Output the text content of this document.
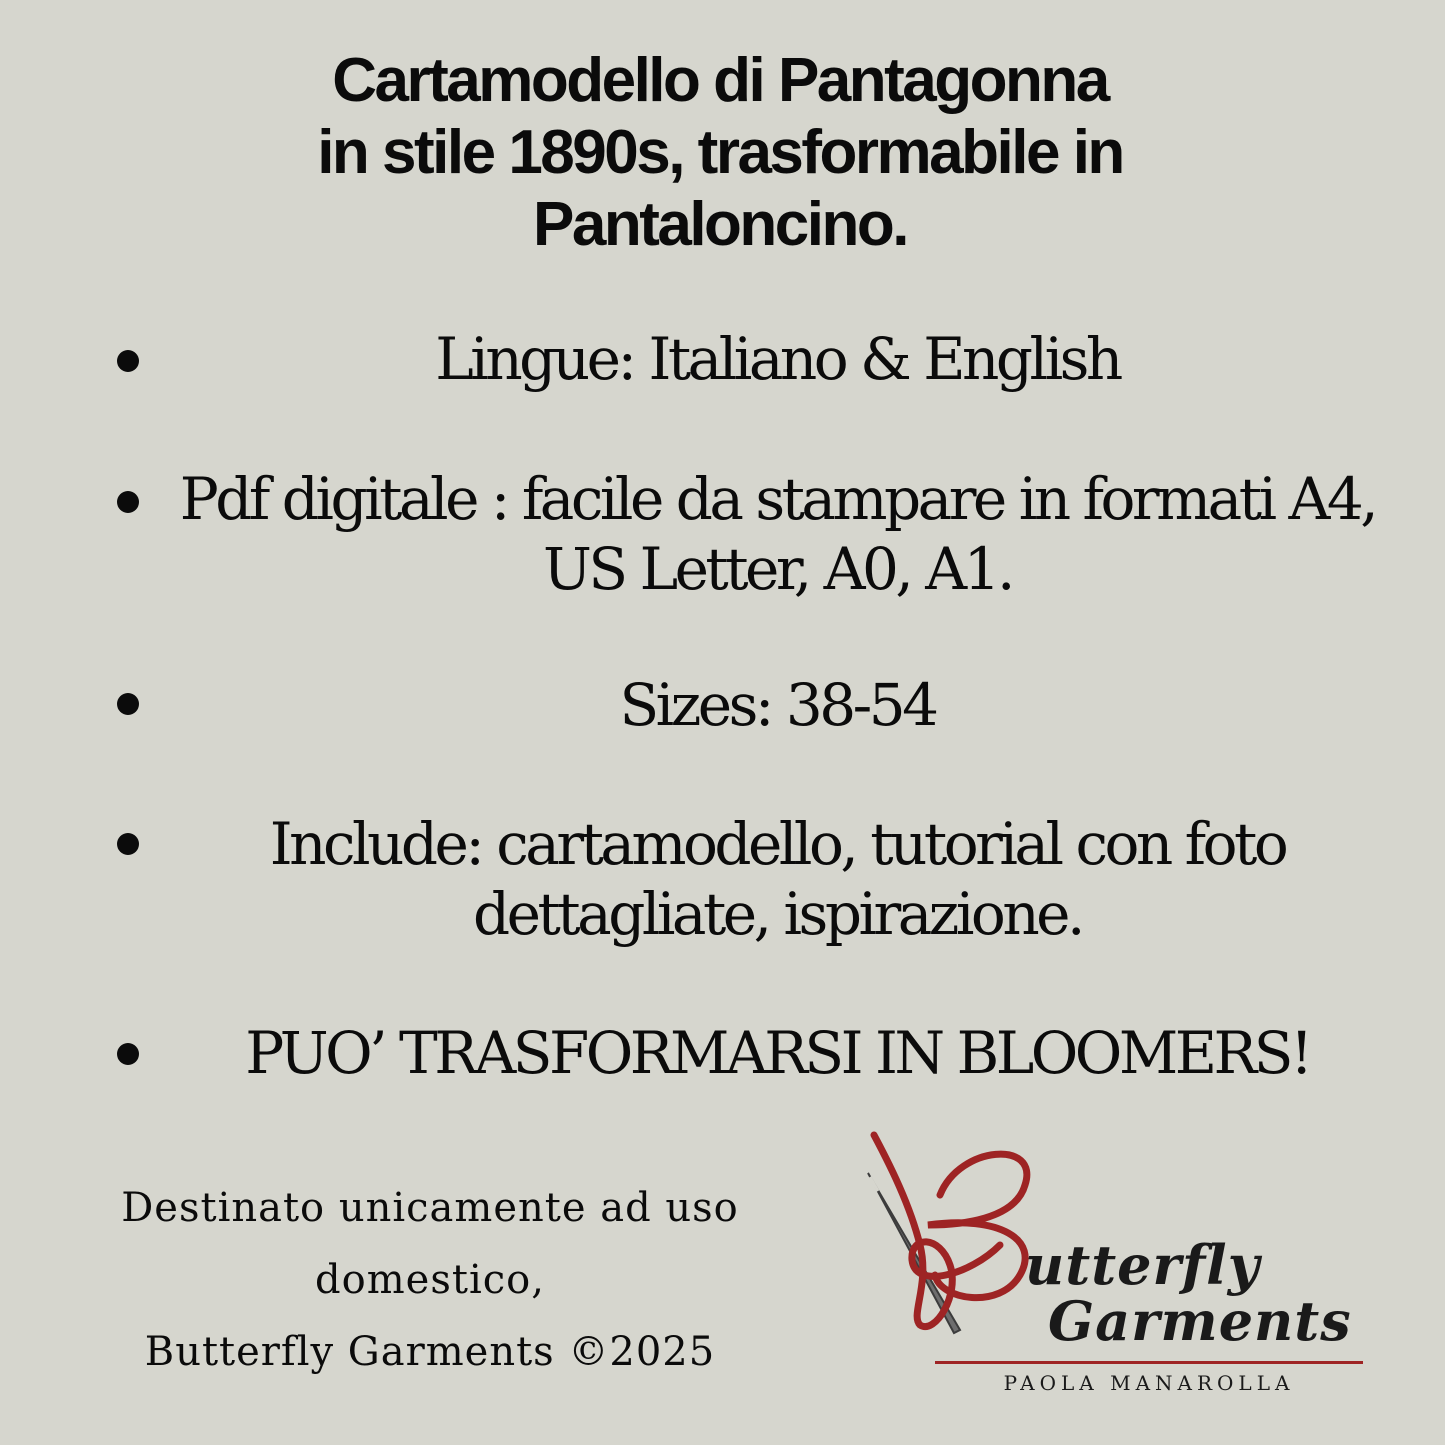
Cartamodello di Pantagonna
in stile 1890s, trasformabile in
Pantaloncino.

Lingue: Italiano & English

Pdf digitale : facile da stampare in formati A4,
US Letter, A0, A1.

Sizes: 38-54

Include: cartamodello, tutorial con foto
dettagliate, ispirazione.

PUO’ TRASFORMARSI IN BLOOMERS!

Destinato unicamente ad uso
domestico,
Butterfly Garments ©2025

utterfly
Garments
PAOLA MANAROLLA
